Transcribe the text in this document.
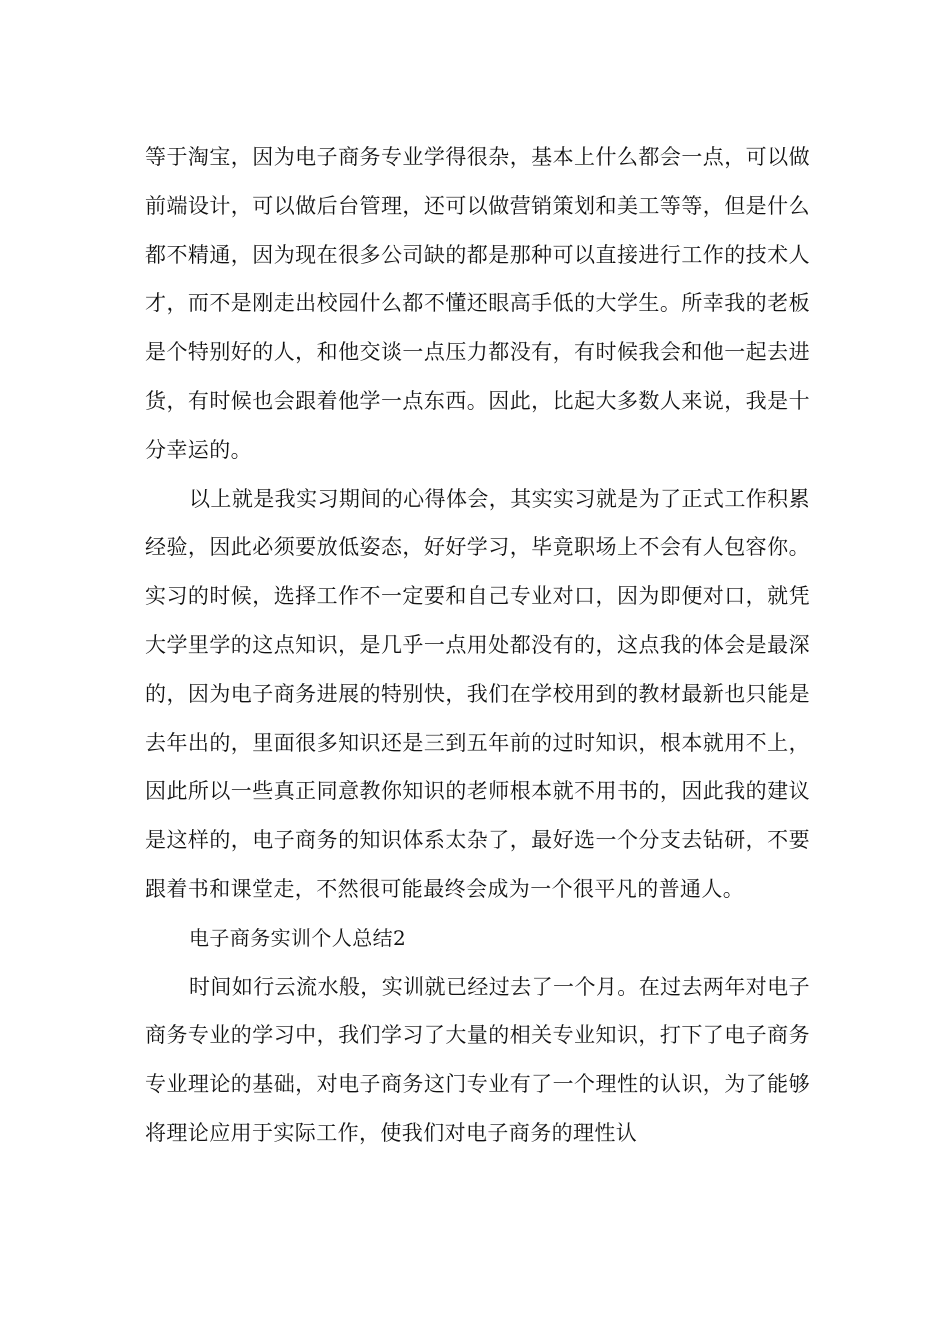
等于淘宝，因为电子商务专业学得很杂，基本上什么都会一点，可以做前端设计，可以做后台管理，还可以做营销策划和美工等等，但是什么都不精通，因为现在很多公司缺的都是那种可以直接进行工作的技术人才，而不是刚走出校园什么都不懂还眼高手低的大学生。所幸我的老板是个特别好的人，和他交谈一点压力都没有，有时候我会和他一起去进货，有时候也会跟着他学一点东西。因此，比起大多数人来说，我是十分幸运的。

以上就是我实习期间的心得体会，其实实习就是为了正式工作积累经验，因此必须要放低姿态，好好学习，毕竟职场上不会有人包容你。实习的时候，选择工作不一定要和自己专业对口，因为即便对口，就凭大学里学的这点知识，是几乎一点用处都没有的，这点我的体会是最深的，因为电子商务进展的特别快，我们在学校用到的教材最新也只能是去年出的，里面很多知识还是三到五年前的过时知识，根本就用不上，因此所以一些真正同意教你知识的老师根本就不用书的，因此我的建议是这样的，电子商务的知识体系太杂了，最好选一个分支去钻研，不要跟着书和课堂走，不然很可能最终会成为一个很平凡的普通人。

电子商务实训个人总结2

时间如行云流水般，实训就已经过去了一个月。在过去两年对电子商务专业的学习中，我们学习了大量的相关专业知识，打下了电子商务专业理论的基础，对电子商务这门专业有了一个理性的认识，为了能够将理论应用于实际工作，使我们对电子商务的理性认
